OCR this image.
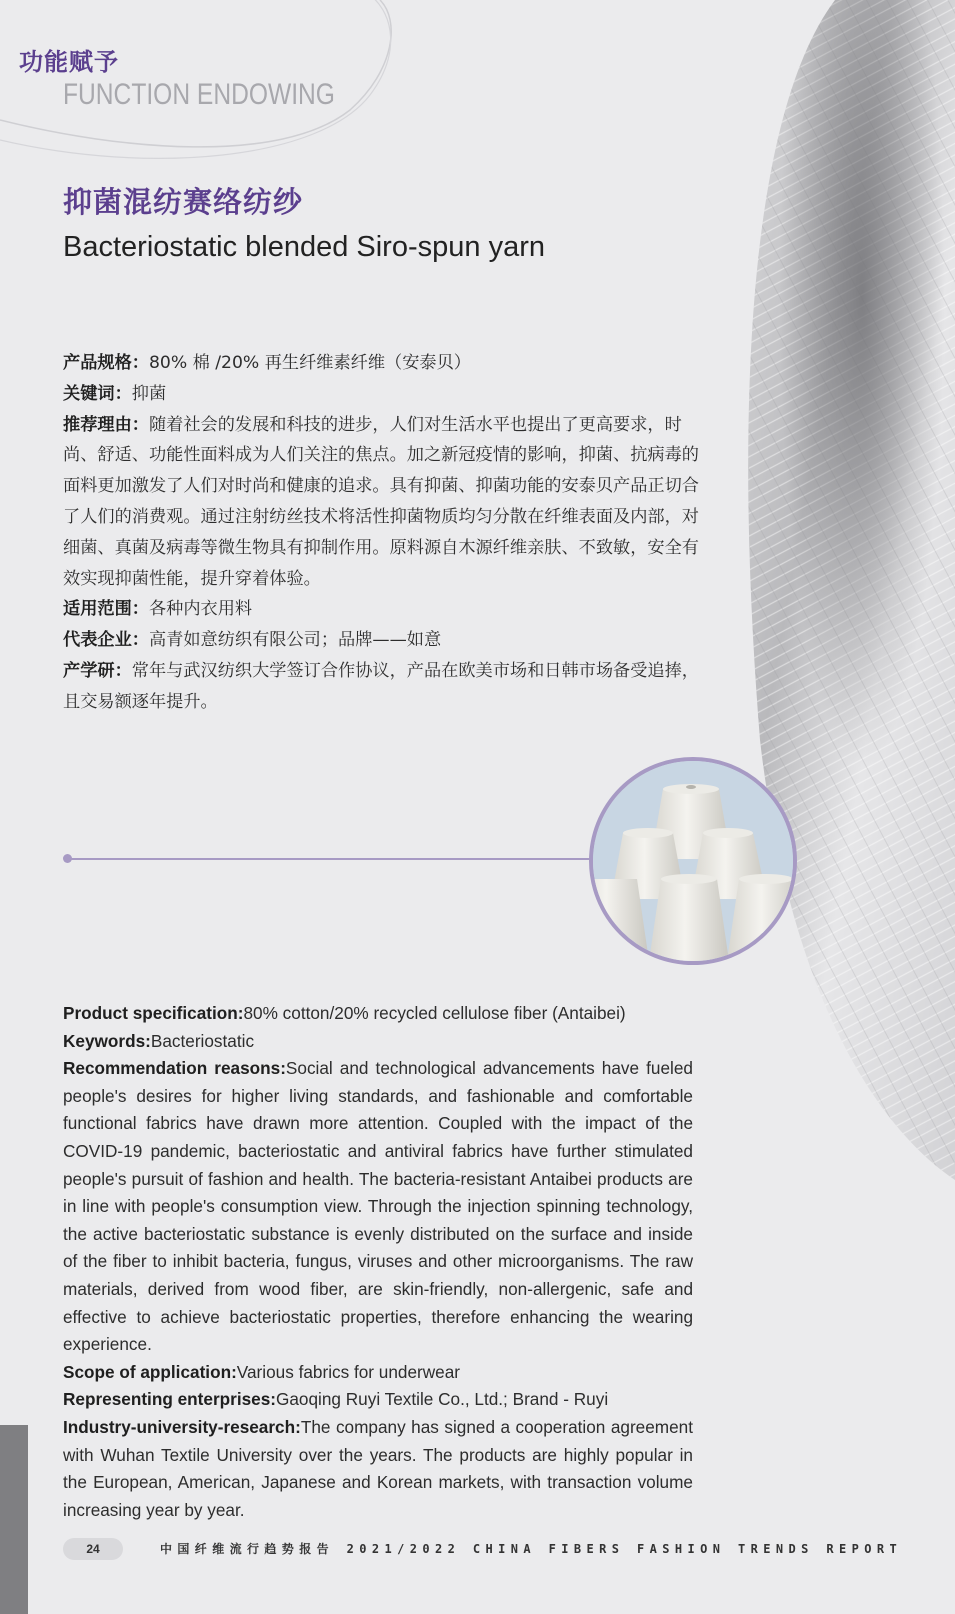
功能赋予
FUNCTION ENDOWING
抑菌混纺赛络纺纱
Bacteriostatic blended Siro-spun yarn

产品规格：80% 棉 /20% 再生纤维素纤维（安泰贝）

关键词：抑菌

推荐理由：随着社会的发展和科技的进步，人们对生活水平也提出了更高要求，时尚、舒适、功能性面料成为人们关注的焦点。加之新冠疫情的影响，抑菌、抗病毒的面料更加激发了人们对时尚和健康的追求。具有抑菌、抑菌功能的安泰贝产品正切合了人们的消费观。通过注射纺丝技术将活性抑菌物质均匀分散在纤维表面及内部，对细菌、真菌及病毒等微生物具有抑制作用。原料源自木源纤维亲肤、不致敏，安全有效实现抑菌性能，提升穿着体验。

适用范围：各种内衣用料

代表企业：高青如意纺织有限公司；品牌——如意

产学研：常年与武汉纺织大学签订合作协议，产品在欧美市场和日韩市场备受追捧，且交易额逐年提升。

Product specification:80% cotton/20% recycled cellulose fiber (Antaibei)

Keywords:Bacteriostatic

Recommendation reasons:Social and technological advancements have fueled people's desires for higher living standards, and fashionable and comfortable functional fabrics have drawn more attention. Coupled with the impact of the COVID-19 pandemic, bacteriostatic and antiviral fabrics have further stimulated people's pursuit of fashion and health. The bacteria-resistant Antaibei products are in line with people's consumption view. Through the injection spinning technology, the active bacteriostatic substance is evenly distributed on the surface and inside of the fiber to inhibit bacteria, fungus, viruses and other microorganisms. The raw materials, derived from wood fiber, are skin-friendly, non-allergenic, safe and effective to achieve bacteriostatic properties, therefore enhancing the wearing experience.

Scope of application:Various fabrics for underwear

Representing enterprises:Gaoqing Ruyi Textile Co., Ltd.; Brand - Ruyi

Industry-university-research:The company has signed a cooperation agreement with Wuhan Textile University over the years. The products are highly popular in the European, American, Japanese and Korean markets, with transaction volume increasing year by year.

24	中国纤维流行趋势报告 2021/2022 CHINA FIBERS FASHION TRENDS REPORT
